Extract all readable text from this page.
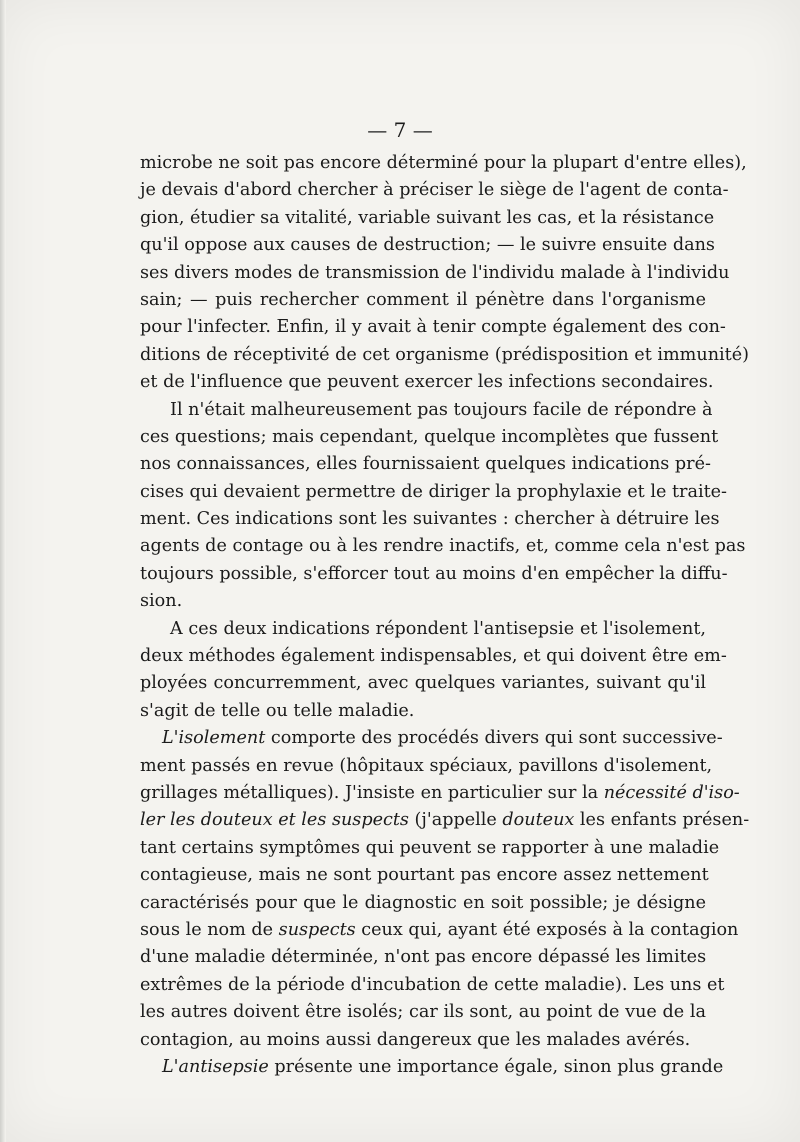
— 7 —
microbe ne soit pas encore déterminé pour la plupart d'entre elles),
je devais d'abord chercher à préciser le siège de l'agent de conta-
gion, étudier sa vitalité, variable suivant les cas, et la résistance
qu'il oppose aux causes de destruction; — le suivre ensuite dans
ses divers modes de transmission de l'individu malade à l'individu
sain; — puis rechercher comment il pénètre dans l'organisme
pour l'infecter. Enfin, il y avait à tenir compte également des con-
ditions de réceptivité de cet organisme (prédisposition et immunité)
et de l'influence que peuvent exercer les infections secondaires.
Il n'était malheureusement pas toujours facile de répondre à
ces questions; mais cependant, quelque incomplètes que fussent
nos connaissances, elles fournissaient quelques indications pré-
cises qui devaient permettre de diriger la prophylaxie et le traite-
ment. Ces indications sont les suivantes : chercher à détruire les
agents de contage ou à les rendre inactifs, et, comme cela n'est pas
toujours possible, s'efforcer tout au moins d'en empêcher la diffu-
sion.
A ces deux indications répondent l'antisepsie et l'isolement,
deux méthodes également indispensables, et qui doivent être em-
ployées concurremment, avec quelques variantes, suivant qu'il
s'agit de telle ou telle maladie.
L'isolement comporte des procédés divers qui sont successive-
ment passés en revue (hôpitaux spéciaux, pavillons d'isolement,
grillages métalliques). J'insiste en particulier sur la nécessité d'iso-
ler les douteux et les suspects (j'appelle douteux les enfants présen-
tant certains symptômes qui peuvent se rapporter à une maladie
contagieuse, mais ne sont pourtant pas encore assez nettement
caractérisés pour que le diagnostic en soit possible; je désigne
sous le nom de suspects ceux qui, ayant été exposés à la contagion
d'une maladie déterminée, n'ont pas encore dépassé les limites
extrêmes de la période d'incubation de cette maladie). Les uns et
les autres doivent être isolés; car ils sont, au point de vue de la
contagion, au moins aussi dangereux que les malades avérés.
L'antisepsie présente une importance égale, sinon plus grande
